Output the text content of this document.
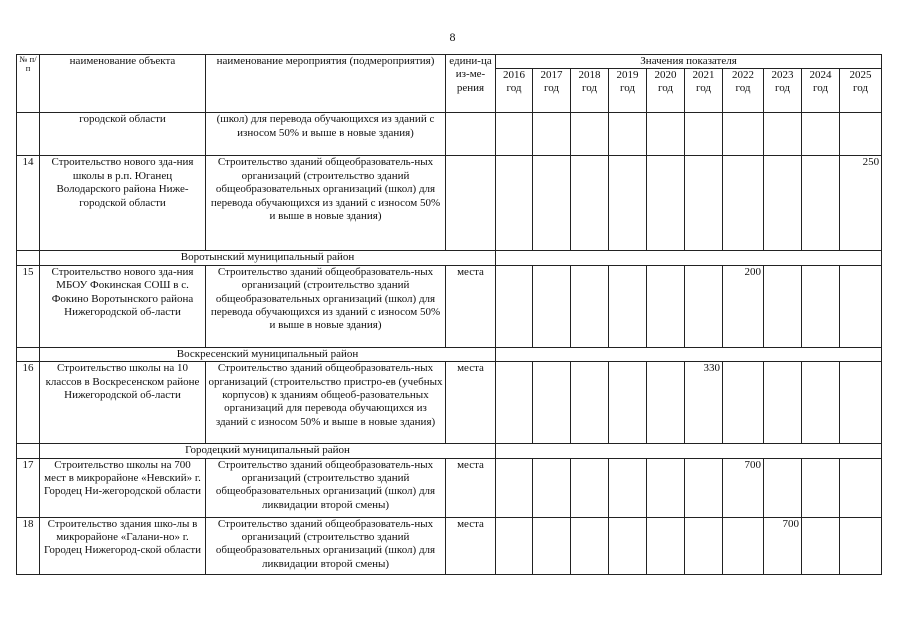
8
№ п/п	наименование объекта	наименование мероприятия (подмероприятия)	едини-ца из-ме-рения	Значения показателя									
				2016 год	2017 год	2018 год	2019 год	2020 год	2021 год	2022 год	2023 год	2024 год	2025 год
	городской области	(школ) для перевода обучающихся из зданий с износом 50% и выше в новые здания)											
14	Строительство нового зда-ния школы в р.п. Юганец Володарского района Ниже-городской области	Строительство зданий общеобразователь-ных организаций (строительство зданий общеобразовательных организаций (школ) для перевода обучающихся из зданий с износом 50% и выше в новые здания)											250
	Воротынский муниципальный район												
15	Строительство нового зда-ния МБОУ Фокинская СОШ в с. Фокино Воротынского района Нижегородской об-ласти	Строительство зданий общеобразователь-ных организаций (строительство зданий общеобразовательных организаций (школ) для перевода обучающихся из зданий с износом 50% и выше в новые здания)	места							200			
	Воскресенский муниципальный район												
16	Строительство школы на 10 классов в Воскресенском районе Нижегородской об-ласти	Строительство зданий общеобразователь-ных организаций (строительство пристро-ев (учебных корпусов) к зданиям общеоб-разовательных организаций для перевода обучающихся из зданий с износом 50% и выше в новые здания)	места						330				
	Городецкий муниципальный район												
17	Строительство школы на 700 мест в микрорайоне «Невский» г. Городец Ни-жегородской области	Строительство зданий общеобразователь-ных организаций (строительство зданий общеобразовательных организаций (школ) для ликвидации второй смены)	места							700			
18	Строительство здания шко-лы в микрорайоне «Галани-но» г. Городец Нижегород-ской области	Строительство зданий общеобразователь-ных организаций (строительство зданий общеобразовательных организаций (школ) для ликвидации второй смены)	места								700		
